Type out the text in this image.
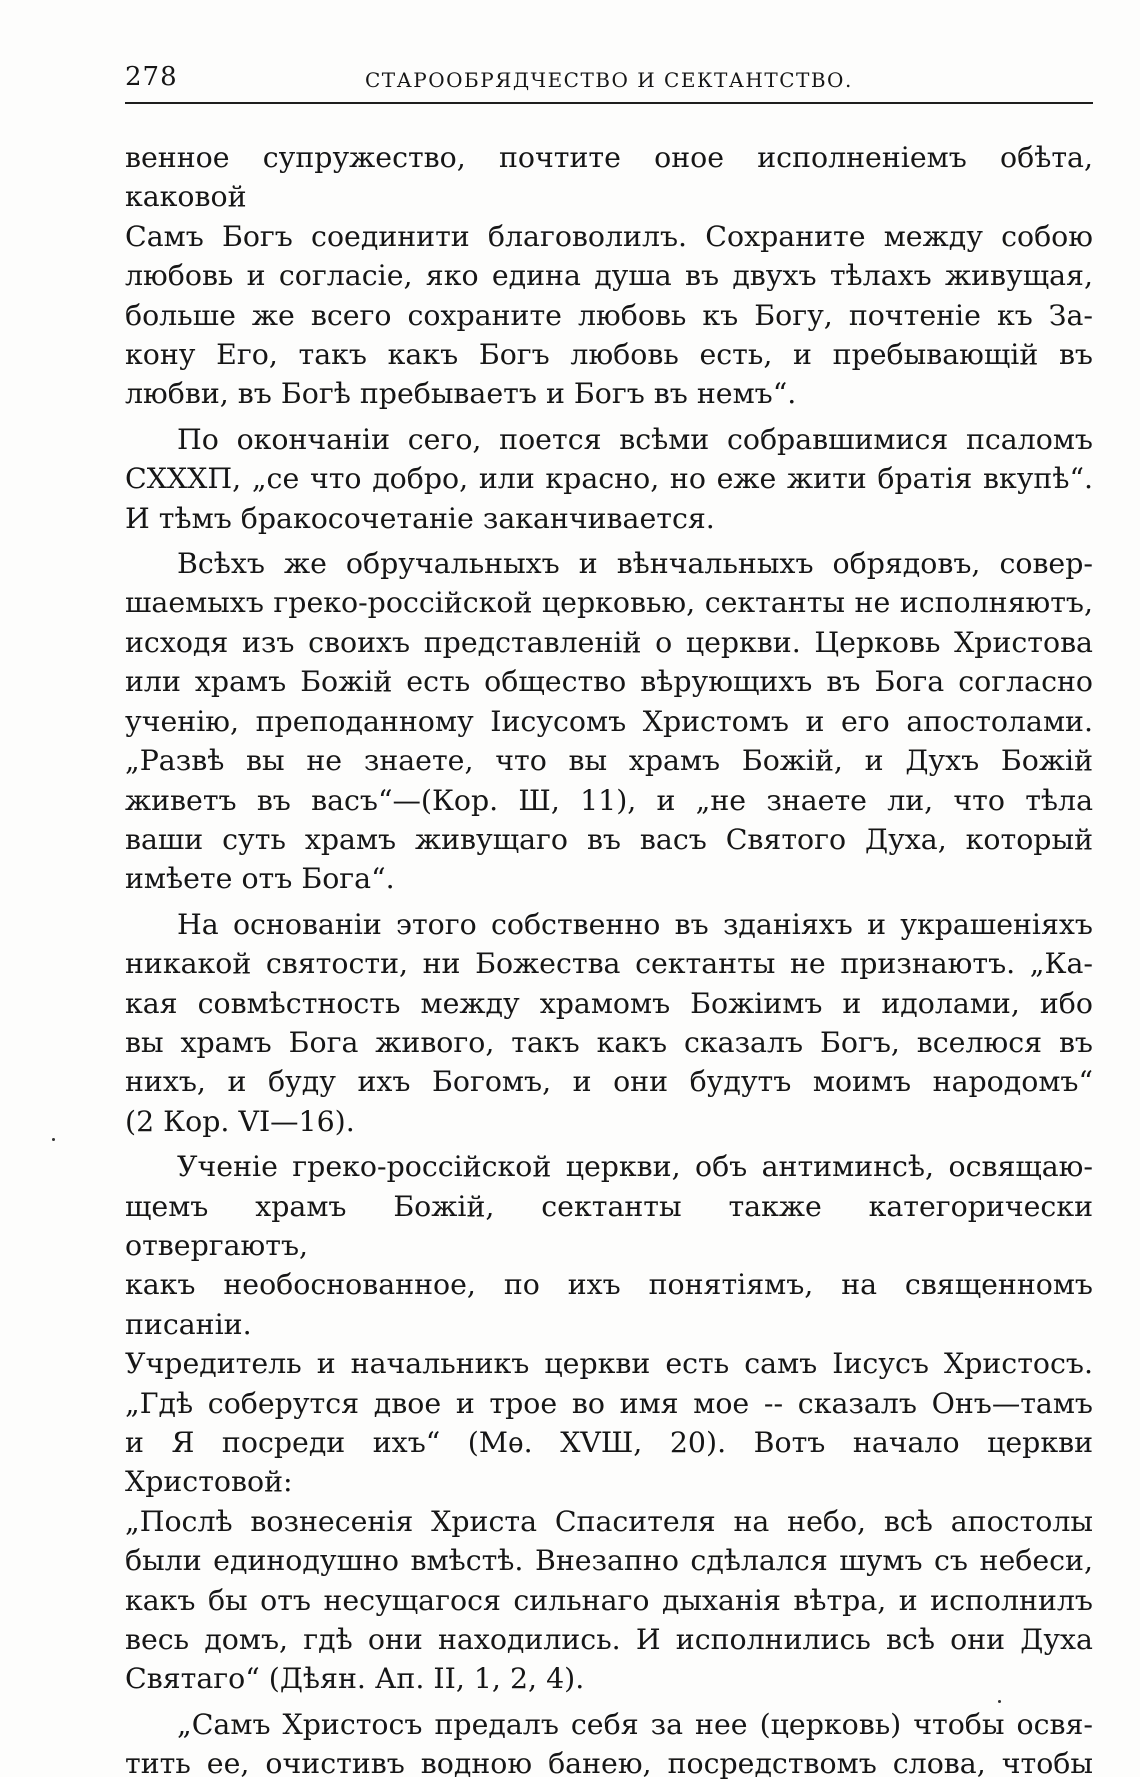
278	СТАРООБРЯДЧЕСТВО И СЕКТАНТСТВО.

венное супружество, почтите оное исполненіемъ обѣта, каковой

Самъ Богъ соединити благоволилъ. Сохраните между собою

любовь и согласіе, яко едина душа въ двухъ тѣлахъ живущая,

больше же всего сохраните любовь къ Богу, почтеніе къ За-

кону Его, такъ какъ Богъ любовь есть, и пребывающій въ

любви, въ Богѣ пребываетъ и Богъ въ немъ“.

По окончаніи сего, поется всѣми собравшимися псаломъ

СХХХП, „се что добро, или красно, но еже жити братія вкупѣ“.

И тѣмъ бракосочетаніе заканчивается.

Всѣхъ же обручальныхъ и вѣнчальныхъ обрядовъ, совер-

шаемыхъ греко-россійской церковью, сектанты не исполняютъ,

исходя изъ своихъ представленій о церкви. Церковь Христова

или храмъ Божій есть общество вѣрующихъ въ Бога согласно

ученію, преподанному Іисусомъ Христомъ и его апостолами.

„Развѣ вы не знаете, что вы храмъ Божій, и Духъ Божій

живетъ въ васъ“—(Кор. Ш, 11), и „не знаете ли, что тѣла

ваши суть храмъ живущаго въ васъ Святого Духа, который

имѣете отъ Бога“.

На основаніи этого собственно въ зданіяхъ и украшеніяхъ

никакой святости, ни Божества сектанты не признаютъ. „Ка-

кая совмѣстность между храмомъ Божіимъ и идолами, ибо

вы храмъ Бога живого, такъ какъ сказалъ Богъ, вселюся въ

нихъ, и буду ихъ Богомъ, и они будутъ моимъ народомъ“

(2 Кор. VI—16).

Ученіе греко-россійской церкви, объ антиминсѣ, освящаю-

щемъ храмъ Божій, сектанты также категорически отвергаютъ,

какъ необоснованное, по ихъ понятіямъ, на священномъ писаніи.

Учредитель и начальникъ церкви есть самъ Іисусъ Христосъ.

„Гдѣ соберутся двое и трое во имя мое -- сказалъ Онъ—тамъ

и Я посреди ихъ“ (Мѳ. ХVШ, 20). Вотъ начало церкви Христовой:

„Послѣ вознесенія Христа Спасителя на небо, всѣ апостолы

были единодушно вмѣстѣ. Внезапно сдѣлался шумъ съ небеси,

какъ бы отъ несущагося сильнаго дыханія вѣтра, и исполнилъ

весь домъ, гдѣ они находились. И исполнились всѣ они Духа

Святаго“ (Дѣян. Ап. II, 1, 2, 4).

„Самъ Христосъ предалъ себя за нее (церковь) чтобы освя-

тить ее, очистивъ водною банею, посредствомъ слова, чтобы
